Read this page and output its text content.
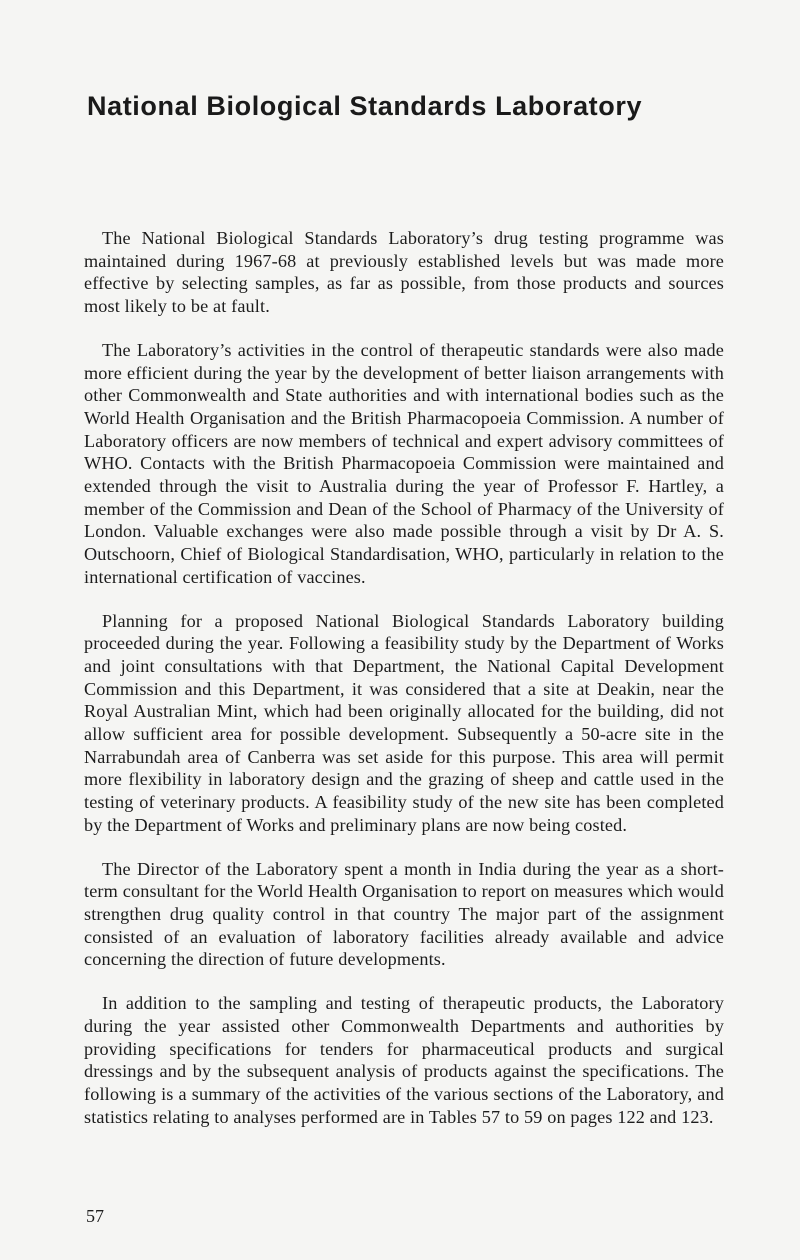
National Biological Standards Laboratory

The National Biological Standards Laboratory’s drug testing programme was maintained during 1967-68 at previously established levels but was made more effective by selecting samples, as far as possible, from those products and sources most likely to be at fault.

The Laboratory’s activities in the control of therapeutic standards were also made more efficient during the year by the development of better liaison arrangements with other Commonwealth and State authorities and with international bodies such as the World Health Organisation and the British Pharmacopoeia Commission. A number of Laboratory officers are now members of technical and expert advisory committees of WHO. Contacts with the British Pharmacopoeia Commission were maintained and extended through the visit to Australia during the year of Professor F. Hartley, a member of the Commission and Dean of the School of Pharmacy of the University of London. Valuable exchanges were also made possible through a visit by Dr A. S. Outschoorn, Chief of Biological Standardisation, WHO, particularly in relation to the international certification of vaccines.

Planning for a proposed National Biological Standards Laboratory building proceeded during the year. Following a feasibility study by the Department of Works and joint consultations with that Department, the National Capital Development Commission and this Department, it was considered that a site at Deakin, near the Royal Australian Mint, which had been originally allocated for the building, did not allow sufficient area for possible development. Subsequently a 50-acre site in the Narrabundah area of Canberra was set aside for this purpose. This area will permit more flexibility in laboratory design and the grazing of sheep and cattle used in the testing of veterinary products. A feasibility study of the new site has been completed by the Department of Works and preliminary plans are now being costed.

The Director of the Laboratory spent a month in India during the year as a short-term consultant for the World Health Organisation to report on measures which would strengthen drug quality control in that country The major part of the assignment consisted of an evaluation of laboratory facilities already available and advice concerning the direction of future developments.

In addition to the sampling and testing of therapeutic products, the Laboratory during the year assisted other Commonwealth Departments and authorities by providing specifications for tenders for pharmaceutical products and surgical dressings and by the subsequent analysis of products against the specifications. The following is a summary of the activities of the various sections of the Laboratory, and statistics relating to analyses performed are in Tables 57 to 59 on pages 122 and 123.

57
